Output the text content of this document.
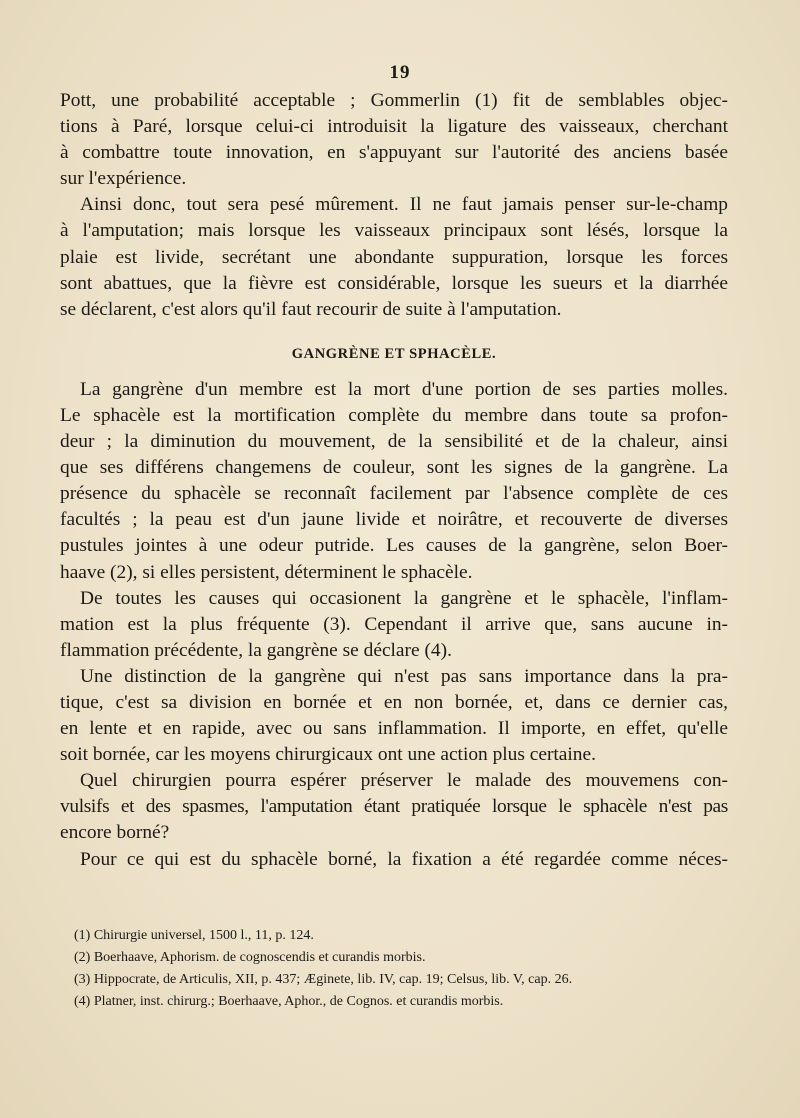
19
Pott, une probabilité acceptable ; Gommerlin (1) fit de semblables objec-
tions à Paré, lorsque celui-ci introduisit la ligature des vaisseaux, cherchant
à combattre toute innovation, en s'appuyant sur l'autorité des anciens basée
sur l'expérience.
Ainsi donc, tout sera pesé mûrement. Il ne faut jamais penser sur-le-champ
à l'amputation; mais lorsque les vaisseaux principaux sont lésés, lorsque la
plaie est livide, secrétant une abondante suppuration, lorsque les forces
sont abattues, que la fièvre est considérable, lorsque les sueurs et la diarrhée
se déclarent, c'est alors qu'il faut recourir de suite à l'amputation.
GANGRÈNE ET SPHACÈLE.
La gangrène d'un membre est la mort d'une portion de ses parties molles.
Le sphacèle est la mortification complète du membre dans toute sa profon-
deur ; la diminution du mouvement, de la sensibilité et de la chaleur, ainsi
que ses différens changemens de couleur, sont les signes de la gangrène. La
présence du sphacèle se reconnaît facilement par l'absence complète de ces
facultés ; la peau est d'un jaune livide et noirâtre, et recouverte de diverses
pustules jointes à une odeur putride. Les causes de la gangrène, selon Boer-
haave (2), si elles persistent, déterminent le sphacèle.
De toutes les causes qui occasionent la gangrène et le sphacèle, l'inflam-
mation est la plus fréquente (3). Cependant il arrive que, sans aucune in-
flammation précédente, la gangrène se déclare (4).
Une distinction de la gangrène qui n'est pas sans importance dans la pra-
tique, c'est sa division en bornée et en non bornée, et, dans ce dernier cas,
en lente et en rapide, avec ou sans inflammation. Il importe, en effet, qu'elle
soit bornée, car les moyens chirurgicaux ont une action plus certaine.
Quel chirurgien pourra espérer préserver le malade des mouvemens con-
vulsifs et des spasmes, l'amputation étant pratiquée lorsque le sphacèle n'est pas
encore borné?
Pour ce qui est du sphacèle borné, la fixation a été regardée comme néces-
(1) Chirurgie universel, 1500 l., 11, p. 124.
(2) Boerhaave, Aphorism. de cognoscendis et curandis morbis.
(3) Hippocrate, de Articulis, XII, p. 437; Æginete, lib. IV, cap. 19; Celsus, lib. V, cap. 26.
(4) Platner, inst. chirurg.; Boerhaave, Aphor., de Cognos. et curandis morbis.
